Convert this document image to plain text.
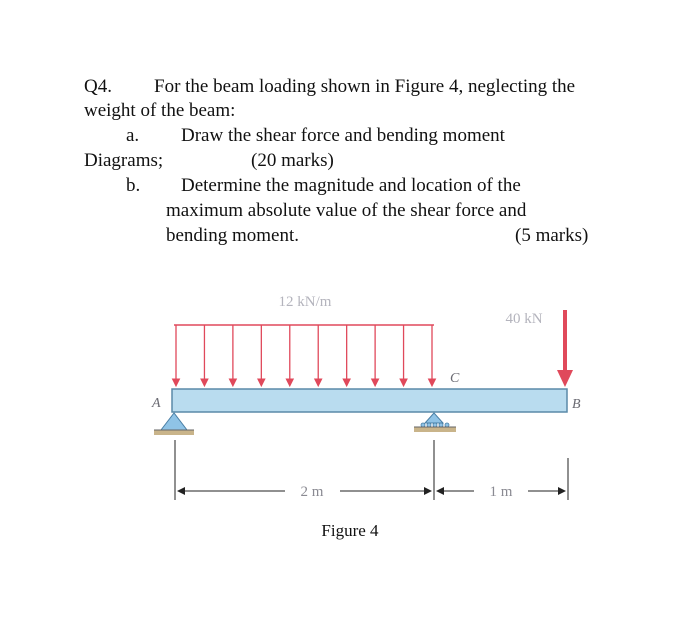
Q4. For the beam loading shown in Figure 4, neglecting the
weight of the beam:
a. Draw the shear force and bending moment
Diagrams;	(20 marks)
b. Determine the magnitude and location of the
maximum absolute value of the shear force and
bending moment.	(5 marks)
12 kN/m
40 kN
A	B
C
2 m	1 m
Figure 4
